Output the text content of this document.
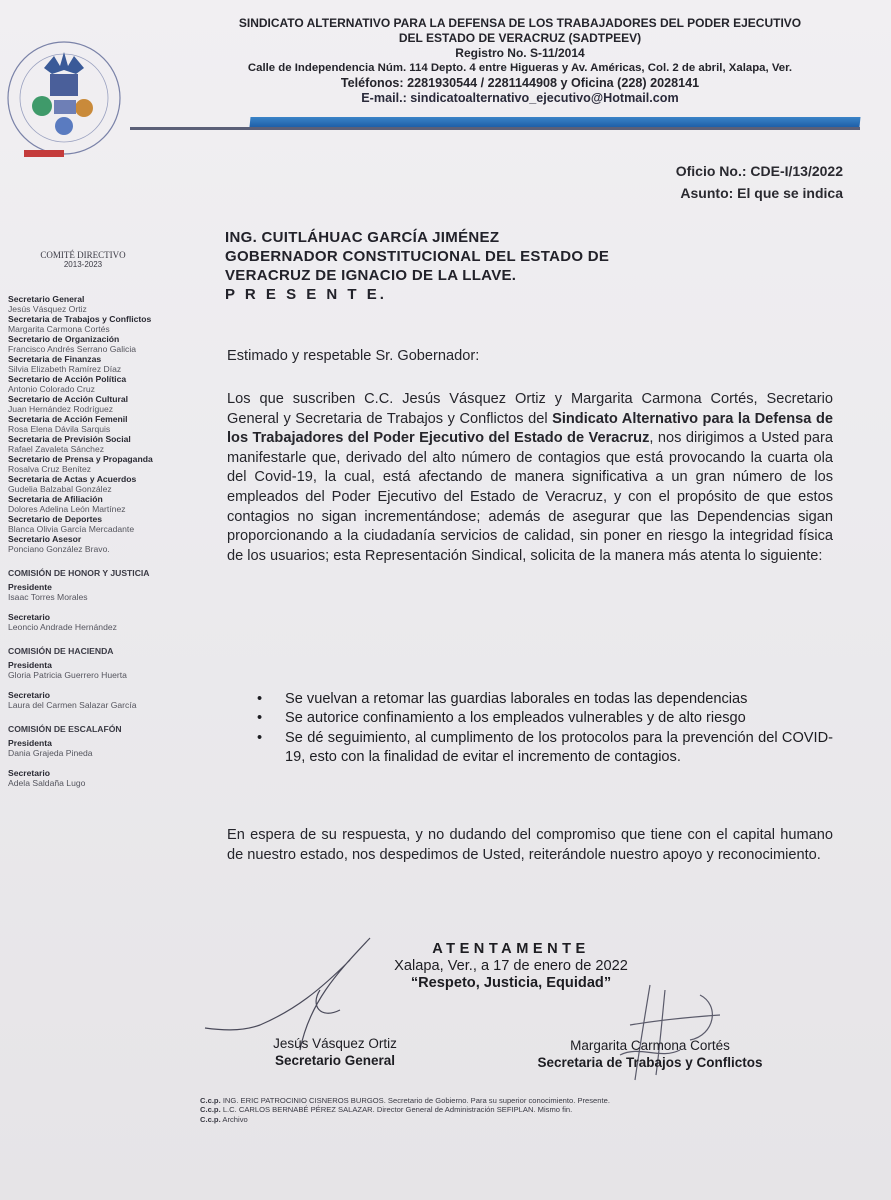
SINDICATO ALTERNATIVO PARA LA DEFENSA DE LOS TRABAJADORES DEL PODER EJECUTIVO
DEL ESTADO DE VERACRUZ (SADTPEEV)
Registro No. S-11/2014
Calle de Independencia Núm. 114 Depto. 4 entre Higueras y Av. Américas, Col. 2 de abril, Xalapa, Ver.
Teléfonos: 2281930544 / 2281144908 y Oficina (228) 2028141
E-mail.: sindicatoalternativo_ejecutivo@Hotmail.com
Oficio No.: CDE-I/13/2022
Asunto: El que se indica
ING. CUITLÁHUAC GARCÍA JIMÉNEZ
GOBERNADOR CONSTITUCIONAL DEL ESTADO DE
VERACRUZ DE IGNACIO DE LA LLAVE.
P R E S E N T E.
COMITÉ DIRECTIVO
2013-2023
Secretario General
Jesús Vásquez Ortiz
Secretaria de Trabajos y Conflictos
Margarita Carmona Cortés
Secretario de Organización
Francisco Andrés Serrano Galicia
Secretaria de Finanzas
Silvia Elizabeth Ramírez Díaz
Secretario de Acción Política
Antonio Colorado Cruz
Secretario de Acción Cultural
Juan Hernández Rodríguez
Secretaria de Acción Femenil
Rosa Elena Dávila Sarquis
Secretaria de Previsión Social
Rafael Zavaleta Sánchez
Secretario de Prensa y Propaganda
Rosalva Cruz Benítez
Secretaria de Actas y Acuerdos
Gudelia Balzabal González
Secretaria de Afiliación
Dolores Adelina León Martínez
Secretario de Deportes
Blanca Olivia García Mercadante
Secretario Asesor
Ponciano González Bravo.
COMISIÓN DE HONOR Y JUSTICIA
Presidente
Isaac Torres Morales
Secretario
Leoncio Andrade Hernández
COMISIÓN DE HACIENDA
Presidenta
Gloria Patricia Guerrero Huerta
Secretario
Laura del Carmen Salazar García
COMISIÓN DE ESCALAFÓN
Presidenta
Dania Grajeda Pineda
Secretario
Adela Saldaña Lugo
Estimado y respetable Sr. Gobernador:
Los que suscriben C.C. Jesús Vásquez Ortiz y Margarita Carmona Cortés, Secretario General y Secretaria de Trabajos y Conflictos del Sindicato Alternativo para la Defensa de los Trabajadores del Poder Ejecutivo del Estado de Veracruz, nos dirigimos a Usted para manifestarle que, derivado del alto número de contagios que está provocando la cuarta ola del Covid-19, la cual, está afectando de manera significativa a un gran número de los empleados del Poder Ejecutivo del Estado de Veracruz, y con el propósito de que estos contagios no sigan incrementándose; además de asegurar que las Dependencias sigan proporcionando a la ciudadanía servicios de calidad, sin poner en riesgo la integridad física de los usuarios; esta Representación Sindical, solicita de la manera más atenta lo siguiente:
• Se vuelvan a retomar las guardias laborales en todas las dependencias
• Se autorice confinamiento a los empleados vulnerables y de alto riesgo
• Se dé seguimiento, al cumplimento de los protocolos para la prevención del COVID-19, esto con la finalidad de evitar el incremento de contagios.
En espera de su respuesta, y no dudando del compromiso que tiene con el capital humano de nuestro estado, nos despedimos de Usted, reiterándole nuestro apoyo y reconocimiento.
ATENTAMENTE
Xalapa, Ver., a 17 de enero de 2022
“Respeto, Justicia, Equidad”
Jesús Vásquez Ortiz
Secretario General
Margarita Carmona Cortés
Secretaria de Trabajos y Conflictos
C.c.p. ING. ERIC PATROCINIO CISNEROS BURGOS. Secretario de Gobierno. Para su superior conocimiento. Presente.
C.c.p. L.C. CARLOS BERNABÉ PÉREZ SALAZAR. Director General de Administración SEFIPLAN. Mismo fin.
C.c.p. Archivo
